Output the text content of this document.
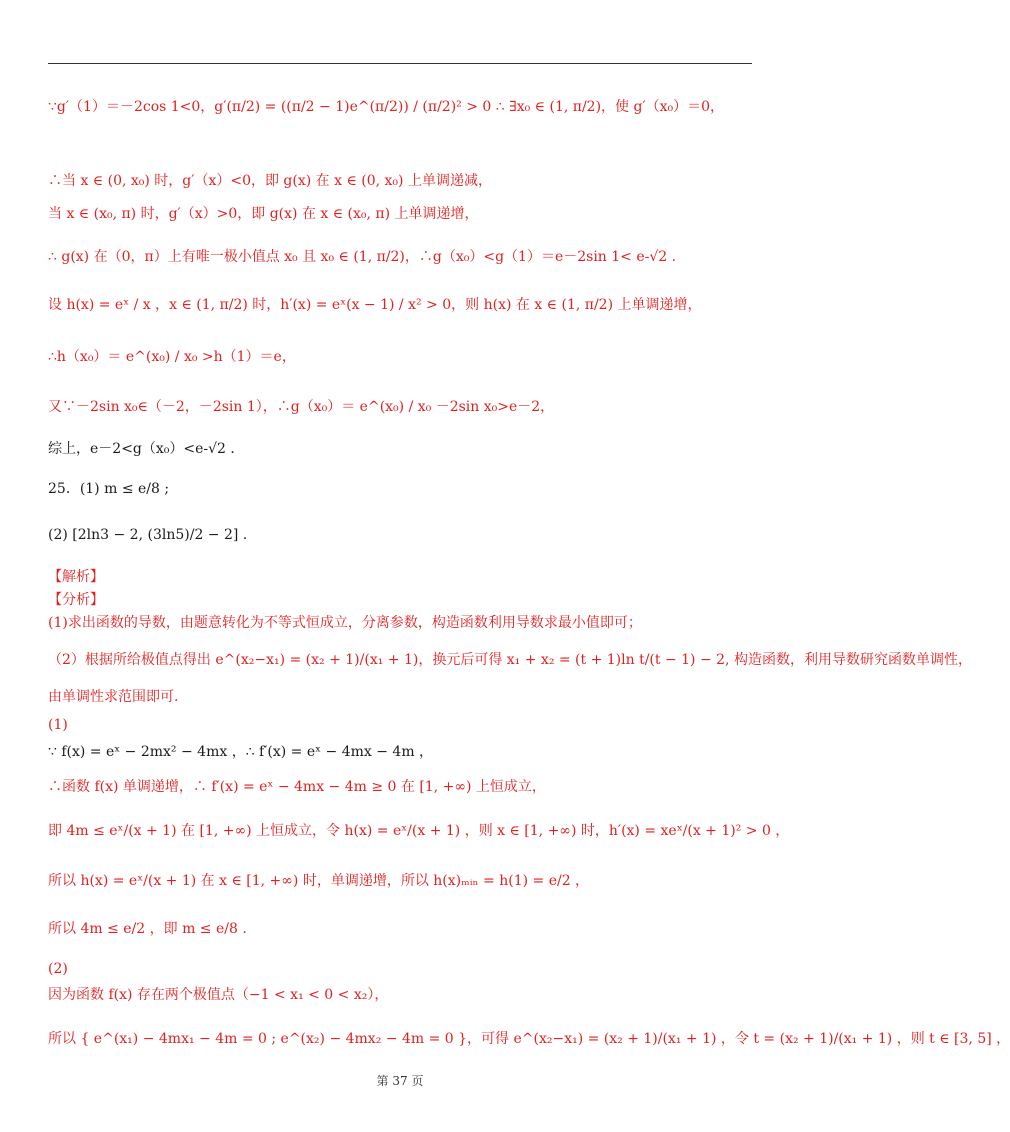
∵g′（1）＝－2cos 1<0，g′(π/2) = ((π/2 − 1)e^(π/2)) / (π/2)² > 0 ∴ ∃x₀ ∈ (1, π/2)，使 g′（x₀）＝0，
∴当 x ∈ (0, x₀) 时，g′（x）<0，即 g(x) 在 x ∈ (0, x₀) 上单调递减，
当 x ∈ (x₀, π) 时，g′（x）>0，即 g(x) 在 x ∈ (x₀, π) 上单调递增，
∴ g(x) 在（0，π）上有唯一极小值点 x₀ 且 x₀ ∈ (1, π/2)，∴g（x₀）<g（1）＝e－2sin 1< e-√2 .
设 h(x) = eˣ / x ，x ∈ (1, π/2) 时，h′(x) = eˣ(x − 1) / x² > 0，则 h(x) 在 x ∈ (1, π/2) 上单调递增，
∴h（x₀）＝ e^(x₀) / x₀ >h（1）＝e，
又∵－2sin x₀∈（－2，－2sin 1），∴g（x₀）＝ e^(x₀) / x₀ －2sin x₀>e－2，
综上，e－2<g（x₀）<e-√2 ．
25．(1) m ≤ e/8 ;
(2) [2ln3 − 2, (3ln5)/2 − 2] .
【解析】
【分析】
(1)求出函数的导数，由题意转化为不等式恒成立，分离参数，构造函数利用导数求最小值即可；
（2）根据所给极值点得出 e^(x₂−x₁) = (x₂ + 1)/(x₁ + 1)，换元后可得 x₁ + x₂ = (t + 1)ln t/(t − 1) − 2, 构造函数，利用导数研究函数单调性，
由单调性求范围即可.
(1)
∵ f(x) = eˣ − 2mx² − 4mx ，∴ f′(x) = eˣ − 4mx − 4m ，
∴函数 f(x) 单调递增，∴ f′(x) = eˣ − 4mx − 4m ≥ 0 在 [1, +∞) 上恒成立，
即 4m ≤ eˣ/(x + 1) 在 [1, +∞) 上恒成立，令 h(x) = eˣ/(x + 1) ，则 x ∈ [1, +∞) 时，h′(x) = xeˣ/(x + 1)² > 0 ，
所以 h(x) = eˣ/(x + 1) 在 x ∈ [1, +∞) 时，单调递增，所以 h(x)ₘᵢₙ = h(1) = e/2 ，
所以 4m ≤ e/2 ，即 m ≤ e/8 .
(2)
因为函数 f(x) 存在两个极值点（−1 < x₁ < 0 < x₂），
所以 { e^(x₁) − 4mx₁ − 4m = 0 ; e^(x₂) − 4mx₂ − 4m = 0 }，可得 e^(x₂−x₁) = (x₂ + 1)/(x₁ + 1) ，令 t = (x₂ + 1)/(x₁ + 1) ，则 t ∈ [3, 5] ，
第 37 页
